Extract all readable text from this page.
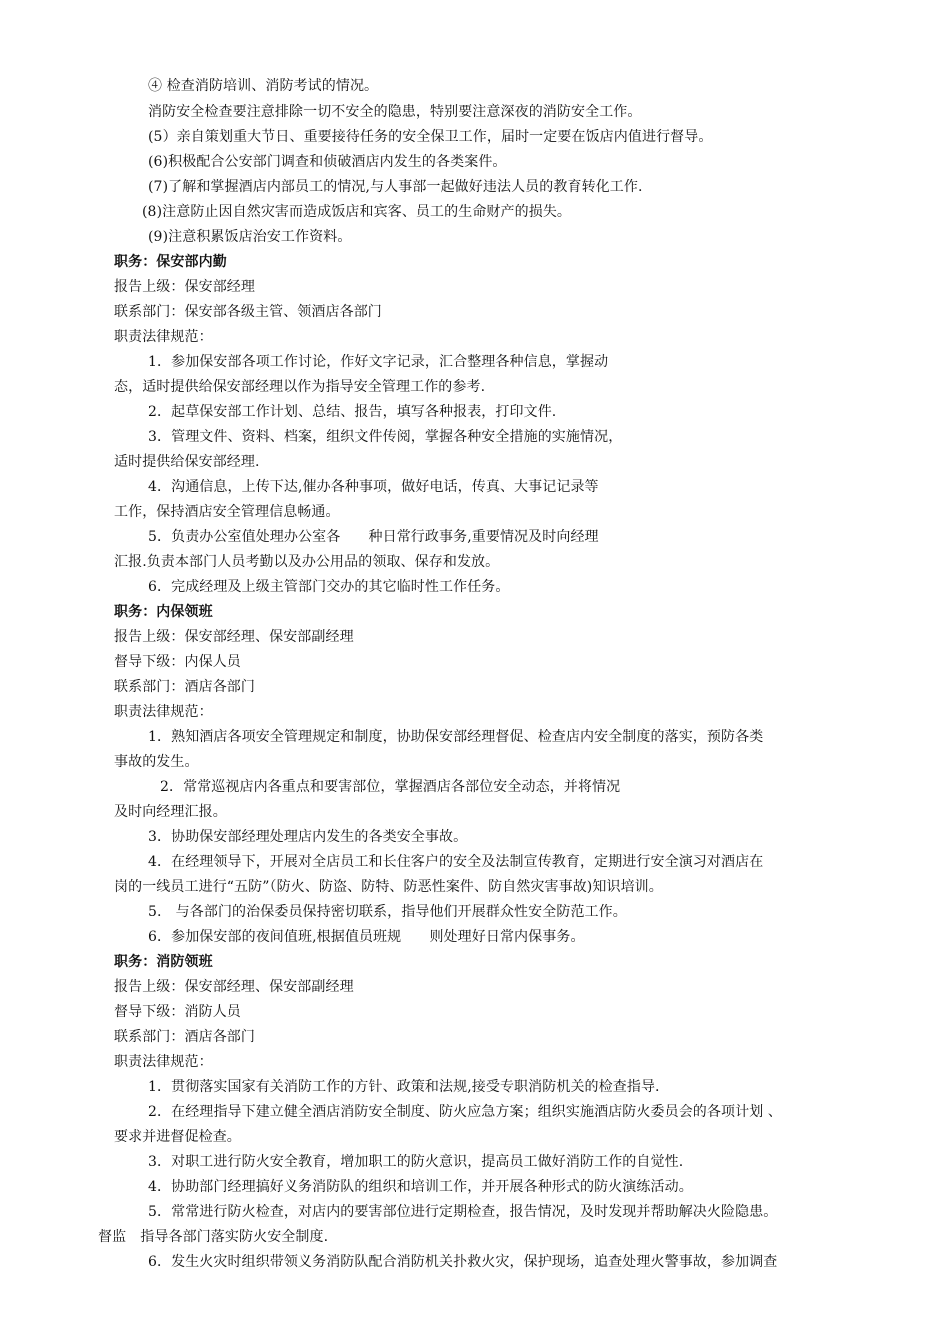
④ 检查消防培训、消防考试的情况。
消防安全检查要注意排除一切不安全的隐患，特别要注意深夜的消防安全工作。
(5）亲自策划重大节日、重要接待任务的安全保卫工作，届时一定要在饭店内值进行督导。
(6)积极配合公安部门调查和侦破酒店内发生的各类案件。
(7)了解和掌握酒店内部员工的情况,与人事部一起做好违法人员的教育转化工作.
(8)注意防止因自然灾害而造成饭店和宾客、员工的生命财产的损失。
(9)注意积累饭店治安工作资料。
职务：保安部内勤
报告上级：保安部经理
联系部门：保安部各级主管、领酒店各部门
职责法律规范：
1．参加保安部各项工作讨论，作好文字记录，汇合整理各种信息，掌握动
态，适时提供给保安部经理以作为指导安全管理工作的参考.
2．起草保安部工作计划、总结、报告，填写各种报表，打印文件.
3．管理文件、资料、档案，组织文件传阅，掌握各种安全措施的实施情况，
适时提供给保安部经理.
4．沟通信息，上传下达,催办各种事项，做好电话，传真、大事记记录等
工作，保持酒店安全管理信息畅通。
5．负责办公室值处理办公室各　　种日常行政事务,重要情况及时向经理
汇报.负责本部门人员考勤以及办公用品的领取、保存和发放。
6．完成经理及上级主管部门交办的其它临时性工作任务。
职务：内保领班
报告上级：保安部经理、保安部副经理
督导下级：内保人员
联系部门：酒店各部门
职责法律规范：
1．熟知酒店各项安全管理规定和制度，协助保安部经理督促、检查店内安全制度的落实，预防各类
事故的发生。
2．常常巡视店内各重点和要害部位，掌握酒店各部位安全动态，并将情况
及时向经理汇报。
3．协助保安部经理处理店内发生的各类安全事故。
4．在经理领导下，开展对全店员工和长住客户的安全及法制宣传教育，定期进行安全演习对酒店在
岗的一线员工进行“五防”（防火、防盗、防特、防恶性案件、防自然灾害事故)知识培训。
5.　与各部门的治保委员保持密切联系，指导他们开展群众性安全防范工作。
6．参加保安部的夜间值班,根据值员班规　　则处理好日常内保事务。
职务：消防领班
报告上级：保安部经理、保安部副经理
督导下级：消防人员
联系部门：酒店各部门
职责法律规范：
1．贯彻落实国家有关消防工作的方针、政策和法规,接受专职消防机关的检查指导.
2．在经理指导下建立健全酒店消防安全制度、防火应急方案；组织实施酒店防火委员会的各项计划 、
要求并进督促检查。
3．对职工进行防火安全教育，增加职工的防火意识，提高员工做好消防工作的自觉性.
4．协助部门经理搞好义务消防队的组织和培训工作，并开展各种形式的防火演练活动。
5．常常进行防火检查，对店内的要害部位进行定期检查，报告情况，及时发现并帮助解决火险隐患。
督监　指导各部门落实防火安全制度.
6．发生火灾时组织带领义务消防队配合消防机关扑救火灾，保护现场，追查处理火警事故，参加调查
